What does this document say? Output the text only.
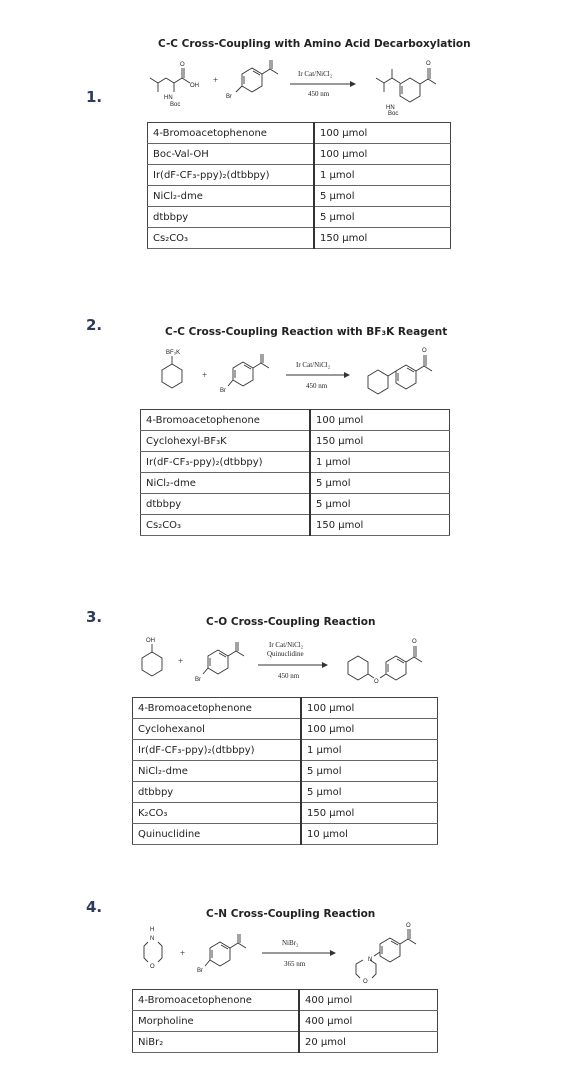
1.
C-C Cross-Coupling with Amino Acid Decarboxylation
O
OH
HN
Boc
+
Br
Ir Cat/NiCl₂
450 nm
O
HN
Boc
4-Bromoacetophenone	100 μmol
Boc-Val-OH	100 μmol
Ir(dF-CF₃-ppy)₂(dtbbpy)	1 μmol
NiCl₂-dme	5 μmol
dtbbpy	5 μmol
Cs₂CO₃	150 μmol
2.	C-C Cross-Coupling Reaction with BF₃K Reagent
BF₃K
+
Br
Ir Cat/NiCl₂
450 nm
O
4-Bromoacetophenone	100 μmol
Cyclohexyl-BF₃K	150 μmol
Ir(dF-CF₃-ppy)₂(dtbbpy)	1 μmol
NiCl₂-dme	5 μmol
dtbbpy	5 μmol
Cs₂CO₃	150 μmol
3.	C-O Cross-Coupling Reaction
OH
+
Br
Ir Cat/NiCl₂
Quinuclidine
450 nm
O
O
4-Bromoacetophenone	100 μmol
Cyclohexanol	100 μmol
Ir(dF-CF₃-ppy)₂(dtbbpy)	1 μmol
NiCl₂-dme	5 μmol
dtbbpy	5 μmol
K₂CO₃	150 μmol
Quinuclidine	10 μmol
4.	C-N Cross-Coupling Reaction
H
N
O
+
Br
NiBr₂
365 nm
O
N
O
4-Bromoacetophenone	400 μmol
Morpholine	400 μmol
NiBr₂	20 μmol
